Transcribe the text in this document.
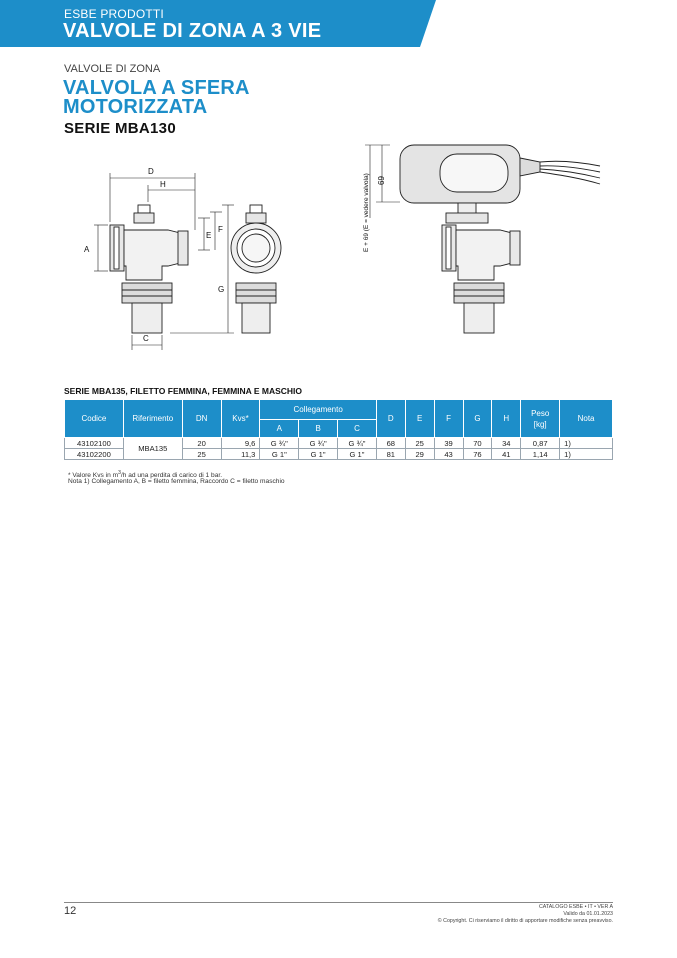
ESBE PRODOTTI
VALVOLE DI ZONA A 3 VIE
VALVOLE DI ZONA
VALVOLA A SFERA MOTORIZZATA
SERIE MBA130
D
H
A
F
E
G
C
69
E + 69 (E = vedere valvola)
SERIE MBA135, FILETTO FEMMINA, FEMMINA E MASCHIO
Codice	Riferimento	DN	Kvs*	Collegamento			D	E	F	G	H	Peso
[kg]	Nota
				A	B	C							
43102100	MBA135	20	9,6	G ¾"	G ¾"	G ¾"	68	25	39	70	34	0,87	1)
43102200		25	11,3	G 1"	G 1"	G 1"	81	29	43	76	41	1,14	1)
* Valore Kvs in $m^3/h$ ad una perdita di carico di 1 bar.
Nota 1) Collegamento A, B = filetto femmina, Raccordo C = filetto maschio
12	CATALOGO ESBE • IT • VER A
Valido da 01.01.2023
© Copyright. Ci riserviamo il diritto di apportare modifiche senza preavviso.
